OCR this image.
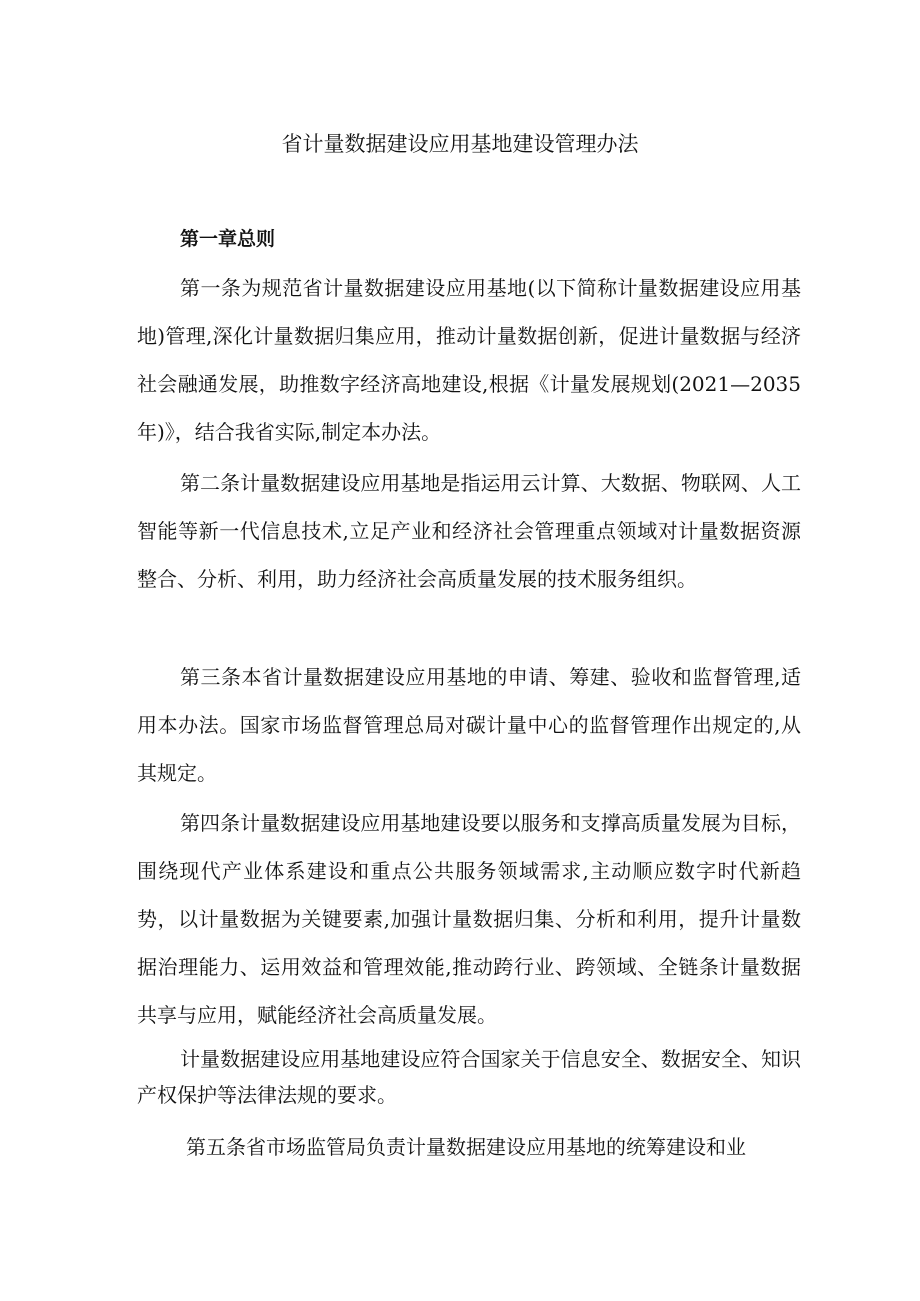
省计量数据建设应用基地建设管理办法
第一章总则

第一条为规范省计量数据建设应用基地(以下简称计量数据建设应用基地)管理,深化计量数据归集应用，推动计量数据创新，促进计量数据与经济社会融通发展，助推数字经济高地建设,根据《计量发展规划(2021—2035年)》，结合我省实际,制定本办法。

第二条计量数据建设应用基地是指运用云计算、大数据、物联网、人工智能等新一代信息技术,立足产业和经济社会管理重点领域对计量数据资源整合、分析、利用，助力经济社会高质量发展的技术服务组织。

第三条本省计量数据建设应用基地的申请、筹建、验收和监督管理,适用本办法。国家市场监督管理总局对碳计量中心的监督管理作出规定的,从其规定。

第四条计量数据建设应用基地建设要以服务和支撑高质量发展为目标，围绕现代产业体系建设和重点公共服务领域需求,主动顺应数字时代新趋势，以计量数据为关键要素,加强计量数据归集、分析和利用，提升计量数据治理能力、运用效益和管理效能,推动跨行业、跨领域、全链条计量数据共享与应用，赋能经济社会高质量发展。

计量数据建设应用基地建设应符合国家关于信息安全、数据安全、知识产权保护等法律法规的要求。

第五条省市场监管局负责计量数据建设应用基地的统筹建设和业
